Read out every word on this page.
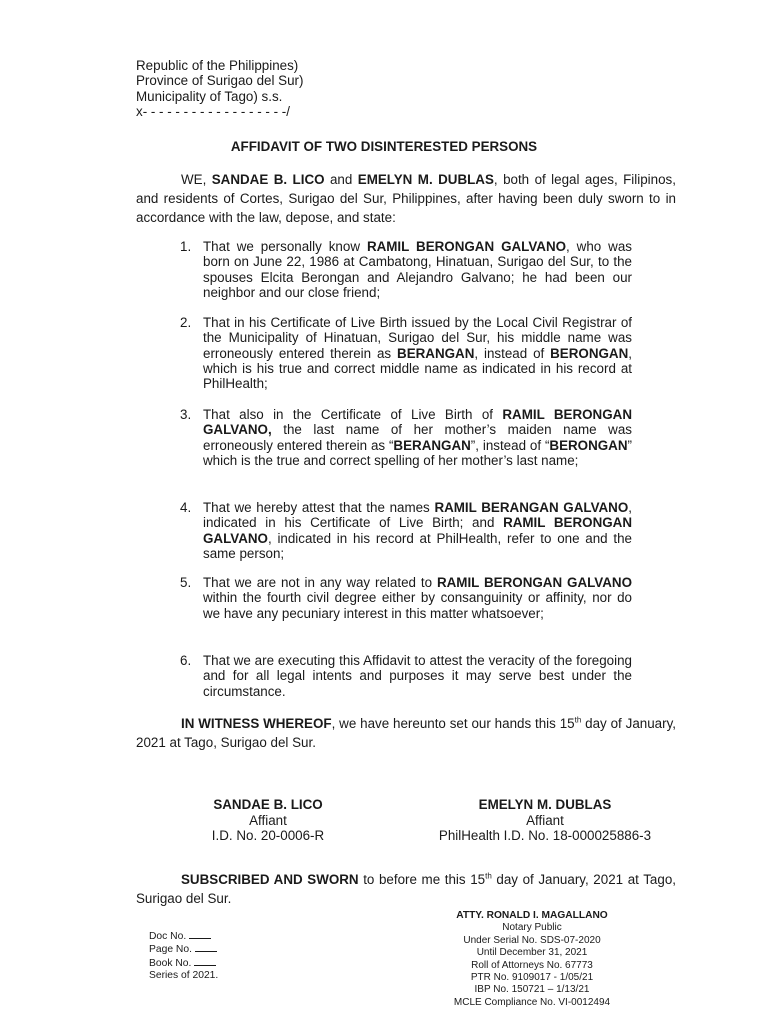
Republic of the Philippines)
Province of Surigao del Sur)
Municipality of Tago) s.s.
x- - - - - - - - - - - - - - - - - -/
AFFIDAVIT OF TWO DISINTERESTED PERSONS
WE, SANDAE B. LICO and EMELYN M. DUBLAS, both of legal ages, Filipinos, and residents of Cortes, Surigao del Sur, Philippines, after having been duly sworn to in accordance with the law, depose, and state:
1. That we personally know RAMIL BERONGAN GALVANO, who was born on June 22, 1986 at Cambatong, Hinatuan, Surigao del Sur, to the spouses Elcita Berongan and Alejandro Galvano; he had been our neighbor and our close friend;
2. That in his Certificate of Live Birth issued by the Local Civil Registrar of the Municipality of Hinatuan, Surigao del Sur, his middle name was erroneously entered therein as BERANGAN, instead of BERONGAN, which is his true and correct middle name as indicated in his record at PhilHealth;
3. That also in the Certificate of Live Birth of RAMIL BERONGAN GALVANO, the last name of her mother’s maiden name was erroneously entered therein as “BERANGAN”, instead of “BERONGAN” which is the true and correct spelling of her mother’s last name;
4. That we hereby attest that the names RAMIL BERANGAN GALVANO, indicated in his Certificate of Live Birth; and RAMIL BERONGAN GALVANO, indicated in his record at PhilHealth, refer to one and the same person;
5. That we are not in any way related to RAMIL BERONGAN GALVANO within the fourth civil degree either by consanguinity or affinity, nor do we have any pecuniary interest in this matter whatsoever;
6. That we are executing this Affidavit to attest the veracity of the foregoing and for all legal intents and purposes it may serve best under the circumstance.
IN WITNESS WHEREOF, we have hereunto set our hands this 15th day of January, 2021 at Tago, Surigao del Sur.
SANDAE B. LICO
Affiant
I.D. No. 20-0006-R
EMELYN M. DUBLAS
Affiant
PhilHealth I.D. No. 18-000025886-3
SUBSCRIBED AND SWORN to before me this 15th day of January, 2021 at Tago, Surigao del Sur.
Doc No.
Page No.
Book No.
Series of 2021.
ATTY. RONALD I. MAGALLANO
Notary Public
Under Serial No. SDS-07-2020
Until December 31, 2021
Roll of Attorneys No. 67773
PTR No. 9109017 - 1/05/21
IBP No. 150721 – 1/13/21
MCLE Compliance No. VI-0012494
